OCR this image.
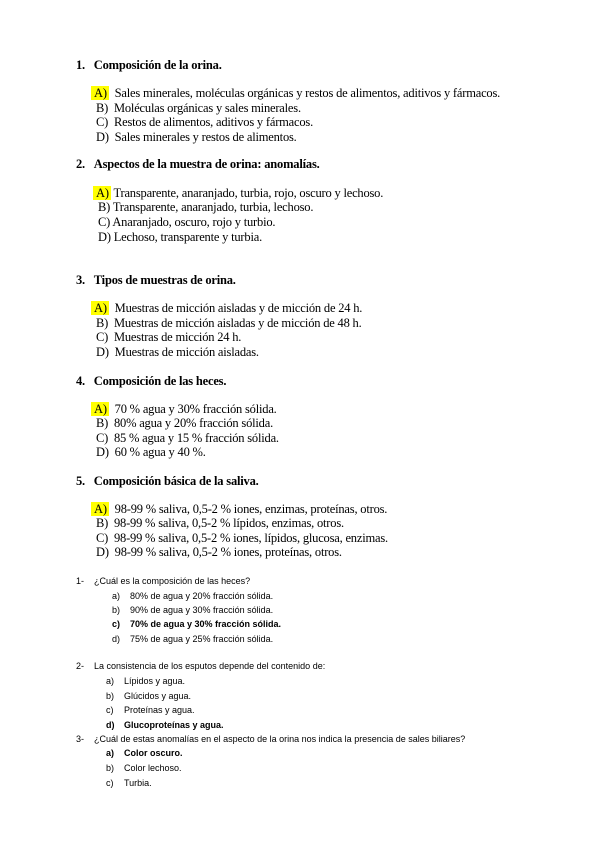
1. Composición de la orina.
A) Sales minerales, moléculas orgánicas y restos de alimentos, aditivos y fármacos.
B) Moléculas orgánicas y sales minerales.
C) Restos de alimentos, aditivos y fármacos.
D) Sales minerales y restos de alimentos.
2. Aspectos de la muestra de orina: anomalías.
A) Transparente, anaranjado, turbia, rojo, oscuro y lechoso.
B) Transparente, anaranjado, turbia, lechoso.
C) Anaranjado, oscuro, rojo y turbio.
D) Lechoso, transparente y turbia.
3. Tipos de muestras de orina.
A) Muestras de micción aisladas y de micción de 24 h.
B) Muestras de micción aisladas y de micción de 48 h.
C) Muestras de micción 24 h.
D) Muestras de micción aisladas.
4. Composición de las heces.
A) 70 % agua y 30% fracción sólida.
B) 80% agua y 20% fracción sólida.
C) 85 % agua y 15 % fracción sólida.
D) 60 % agua y 40 %.
5. Composición básica de la saliva.
A) 98-99 % saliva, 0,5-2 % iones, enzimas, proteínas, otros.
B) 98-99 % saliva, 0,5-2 % lípidos, enzimas, otros.
C) 98-99 % saliva, 0,5-2 % iones, lípidos, glucosa, enzimas.
D) 98-99 % saliva, 0,5-2 % iones, proteínas, otros.
1- ¿Cuál es la composición de las heces?
a) 80% de agua y 20% fracción sólida.
b) 90% de agua y 30% fracción sólida.
c) 70% de agua y 30% fracción sólida.
d) 75% de agua y 25% fracción sólida.
2- La consistencia de los esputos depende del contenido de:
a) Lípidos y agua.
b) Glúcidos y agua.
c) Proteínas y agua.
d) Glucoproteínas y agua.
3- ¿Cuál de estas anomalías en el aspecto de la orina nos indica la presencia de sales biliares?
a) Color oscuro.
b) Color lechoso.
c) Turbia.
